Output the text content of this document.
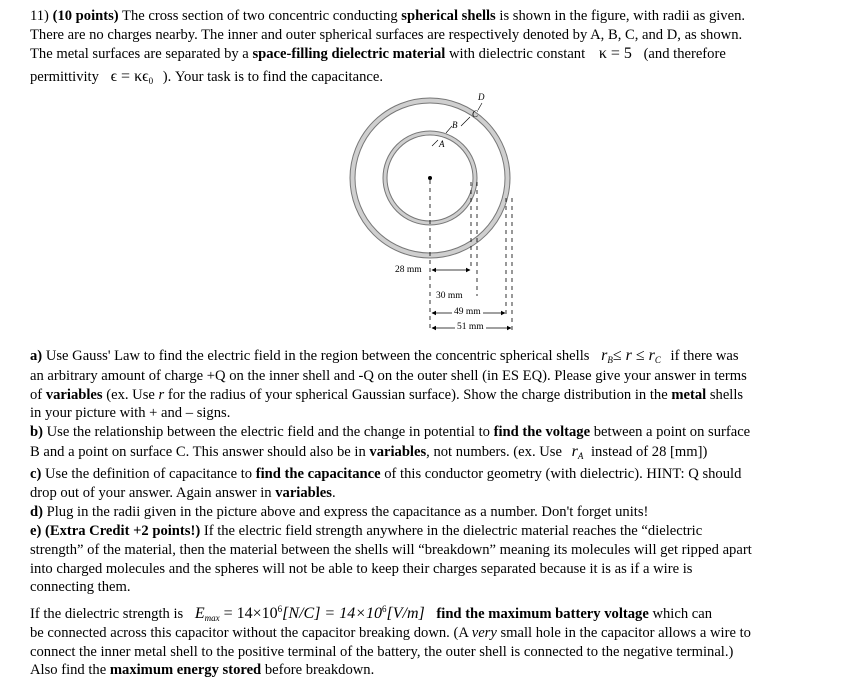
11) (10 points) The cross section of two concentric conducting spherical shells is shown in the figure, with radii as given.
There are no charges nearby. The inner and outer spherical surfaces are respectively denoted by A, B, C, and D, as shown.
The metal surfaces are separated by a space-filling dielectric material with dielectric constant κ = 5 (and therefore
permittivity $\epsilon = \kappa\epsilon_0$ ). Your task is to find the capacitance.
A
B
C
D
28 mm
30 mm
49 mm
51 mm
a) Use Gauss' Law to find the electric field in the region between the concentric spherical shells $r_B\le r \le r_C$ if there was
an arbitrary amount of charge +Q on the inner shell and -Q on the outer shell (in ES EQ). Please give your answer in terms
of variables (ex. Use r for the radius of your spherical Gaussian surface). Show the charge distribution in the metal shells
in your picture with + and – signs.
b) Use the relationship between the electric field and the change in potential to find the voltage between a point on surface
B and a point on surface C. This answer should also be in variables, not numbers. (ex. Use $r_A$ instead of 28 [mm])
c) Use the definition of capacitance to find the capacitance of this conductor geometry (with dielectric). HINT: Q should
drop out of your answer. Again answer in variables.
d) Plug in the radii given in the picture above and express the capacitance as a number. Don't forget units!
e) (Extra Credit +2 points!) If the electric field strength anywhere in the dielectric material reaches the “dielectric
strength” of the material, then the material between the shells will “breakdown” meaning its molecules will get ripped apart
into charged molecules and the spheres will not be able to keep their charges separated because it is as if a wire is
connecting them.
If the dielectric strength is $E_{max} = 14\times 10^6[N/C] = 14\times 10^6[V/m]$ find the maximum battery voltage which can
be connected across this capacitor without the capacitor breaking down. (A very small hole in the capacitor allows a wire to
connect the inner metal shell to the positive terminal of the battery, the outer shell is connected to the negative terminal.)
Also find the maximum energy stored before breakdown.
